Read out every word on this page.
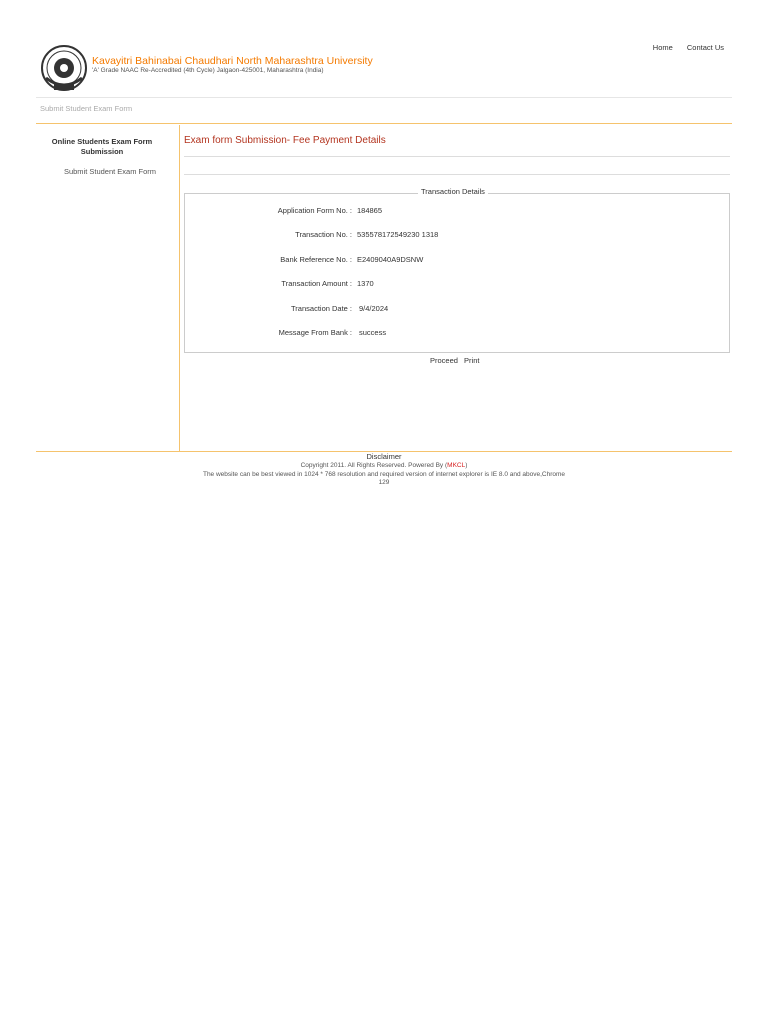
Kavayitri Bahinabai Chaudhari North Maharashtra University
'A' Grade NAAC Re-Accredited (4th Cycle) Jalgaon-425001, Maharashtra (India)
Home Contact Us
Submit Student Exam Form
Online Students Exam Form Submission
Submit Student Exam Form
Exam form Submission- Fee Payment Details
Transaction Details
Application Form No. : 184865
Transaction No. : 535578172549230 1318
Bank Reference No. : E2409040A9DSNW
Transaction Amount : 1370
Transaction Date : 9/4/2024
Message From Bank : success
Proceed Print
Disclaimer
Copyright 2011. All Rights Reserved. Powered By (MKCL)
The website can be best viewed in 1024 * 768 resolution and required version of internet explorer is IE 8.0 and above,Chrome
129
